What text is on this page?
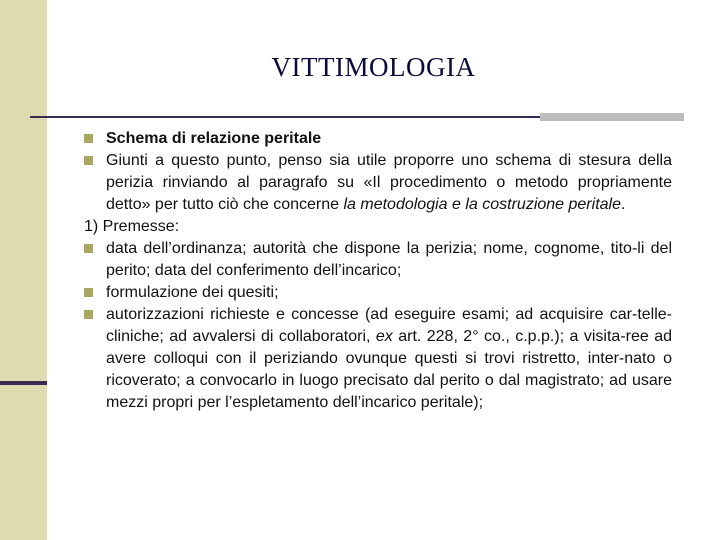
VITTIMOLOGIA
Schema di relazione peritale
Giunti a questo punto, penso sia utile proporre uno schema di stesura della perizia rinviando al paragrafo su «Il procedimento o metodo propriamente detto» per tutto ciò che concerne la metodologia e la costruzione peritale.
1) Premesse:
data dell’ordinanza; autorità che dispone la perizia; nome, cognome, tito-li del perito; data del conferimento dell’incarico;
formulazione dei quesiti;
autorizzazioni richieste e concesse (ad eseguire esami; ad acquisire car-tellecliniche; ad avvalersi di collaboratori, ex art. 228, 2° co., c.p.p.); a visita-ree ad avere colloqui con il periziando ovunque questi si trovi ristretto, inter-nato o ricoverato; a convocarlo in luogo precisato dal perito o dal magistrato; ad usare mezzi propri per l’espletamento dell’incarico peritale);
